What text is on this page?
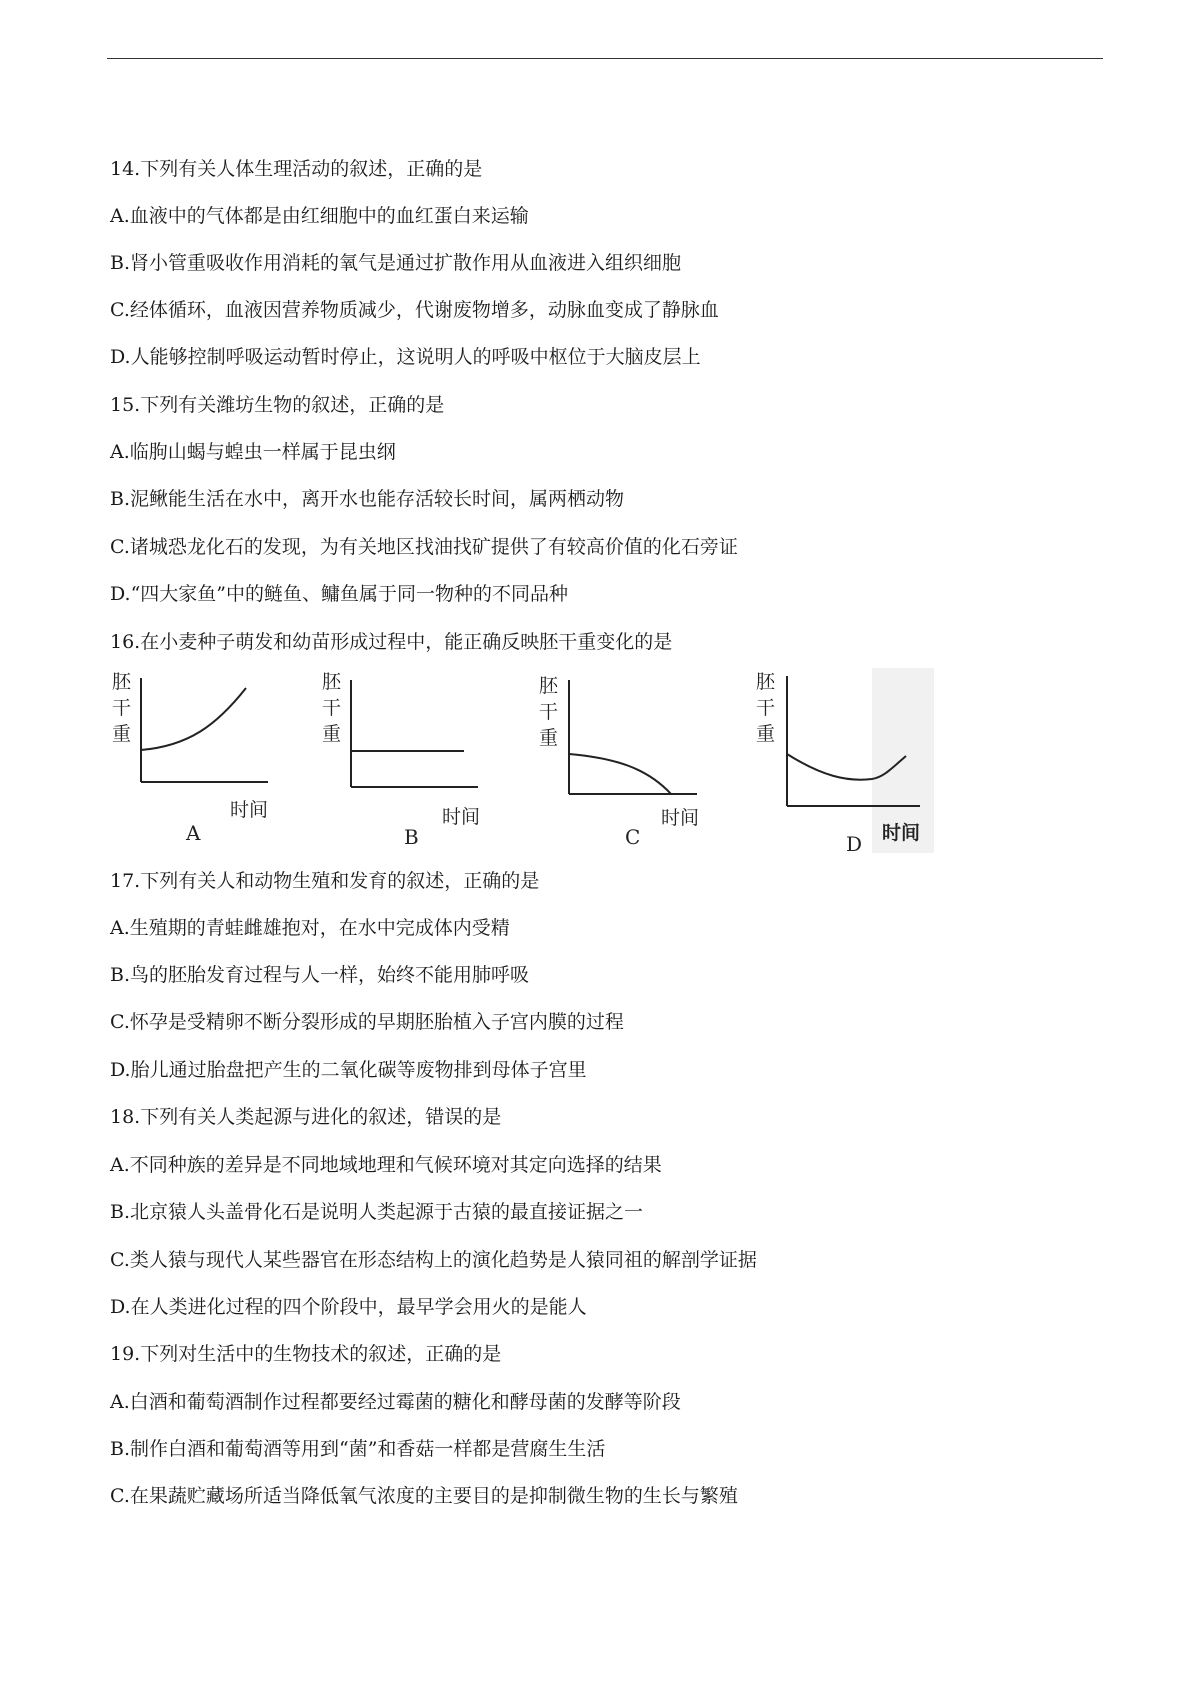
14.下列有关人体生理活动的叙述，正确的是
A.血液中的气体都是由红细胞中的血红蛋白来运输
B.肾小管重吸收作用消耗的氧气是通过扩散作用从血液进入组织细胞
C.经体循环，血液因营养物质减少，代谢废物增多，动脉血变成了静脉血
D.人能够控制呼吸运动暂时停止，这说明人的呼吸中枢位于大脑皮层上
15.下列有关潍坊生物的叙述，正确的是
A.临朐山蝎与蝗虫一样属于昆虫纲
B.泥鳅能生活在水中，离开水也能存活较长时间，属两栖动物
C.诸城恐龙化石的发现，为有关地区找油找矿提供了有较高价值的化石旁证
D.“四大家鱼”中的鲢鱼、鳙鱼属于同一物种的不同品种
16.在小麦种子萌发和幼苗形成过程中，能正确反映胚干重变化的是
胚
干
重
时间
A
胚
干
重
时间
B
胚
干
重
时间
C
胚
干
重
时间
D
17.下列有关人和动物生殖和发育的叙述，正确的是
A.生殖期的青蛙雌雄抱对，在水中完成体内受精
B.鸟的胚胎发育过程与人一样，始终不能用肺呼吸
C.怀孕是受精卵不断分裂形成的早期胚胎植入子宫内膜的过程
D.胎儿通过胎盘把产生的二氧化碳等废物排到母体子宫里
18.下列有关人类起源与进化的叙述，错误的是
A.不同种族的差异是不同地域地理和气候环境对其定向选择的结果
B.北京猿人头盖骨化石是说明人类起源于古猿的最直接证据之一
C.类人猿与现代人某些器官在形态结构上的演化趋势是人猿同祖的解剖学证据
D.在人类进化过程的四个阶段中，最早学会用火的是能人
19.下列对生活中的生物技术的叙述，正确的是
A.白酒和葡萄酒制作过程都要经过霉菌的糖化和酵母菌的发酵等阶段
B.制作白酒和葡萄酒等用到“菌”和香菇一样都是营腐生生活
C.在果蔬贮藏场所适当降低氧气浓度的主要目的是抑制微生物的生长与繁殖
